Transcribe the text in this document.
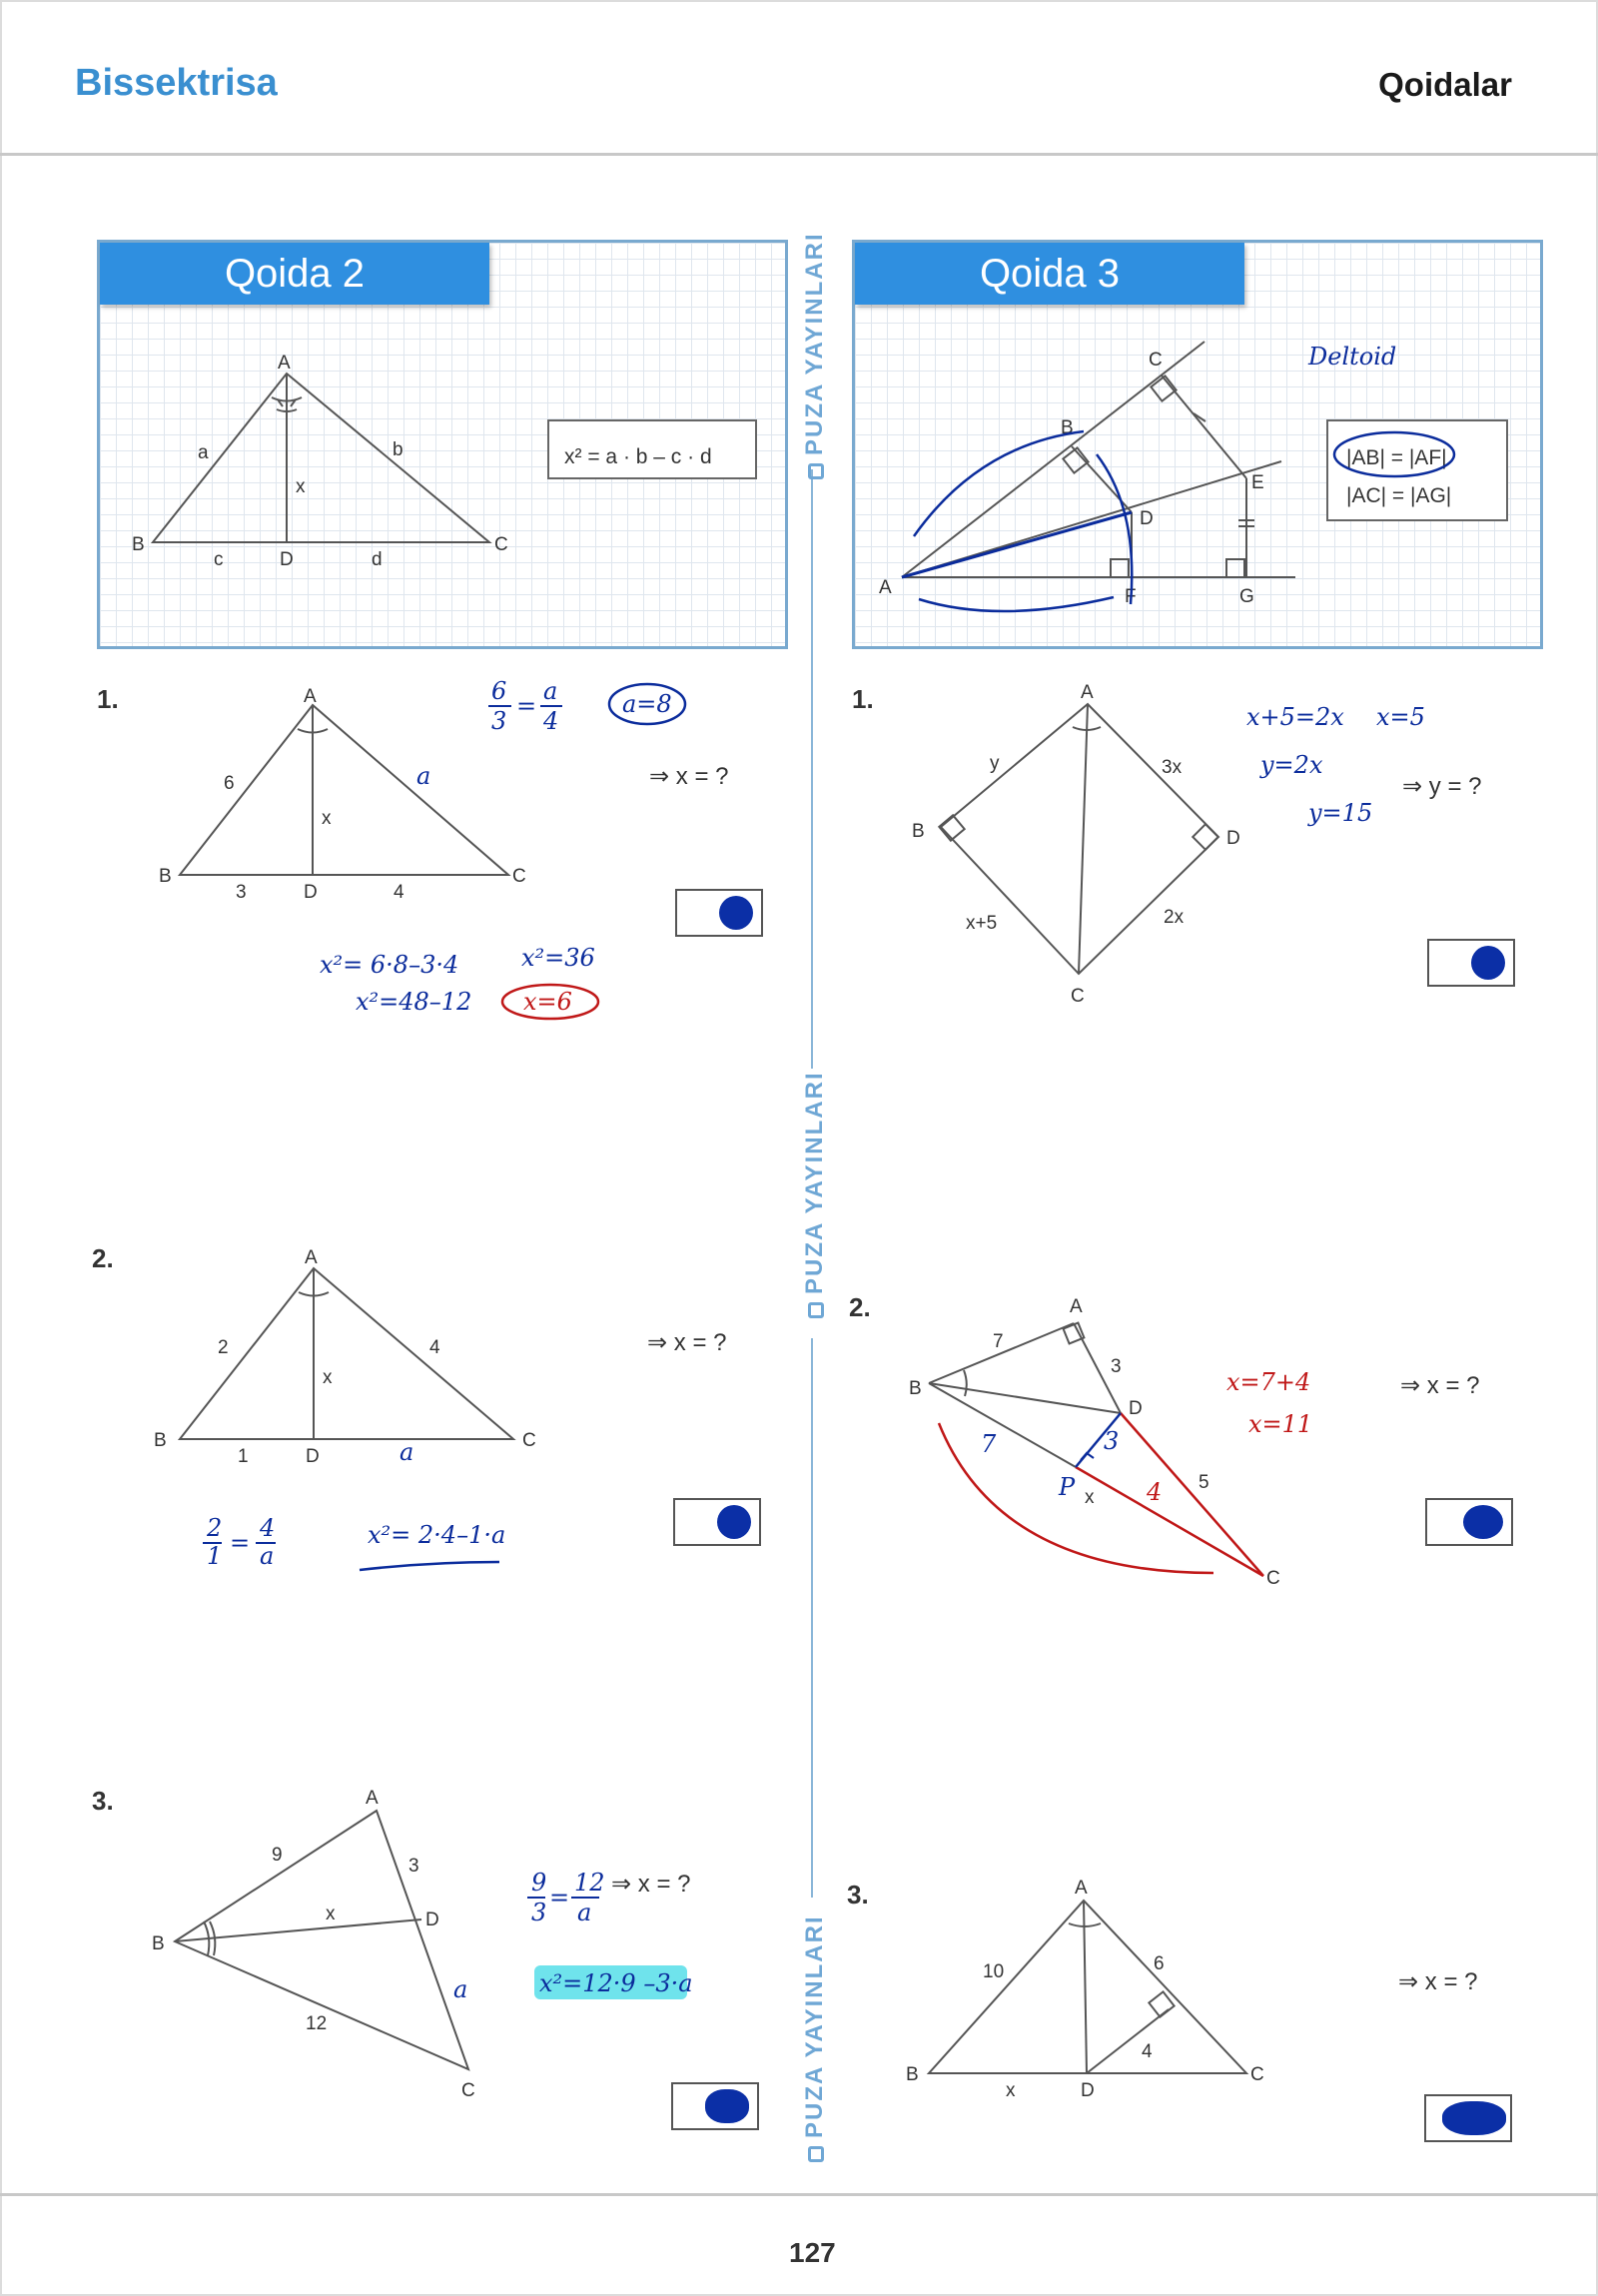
Bissektrisa	Qoidalar
Qoida 2	Qoida 3
PUZA YAYINLARI
PUZA YAYINLARI
PUZA YAYINLARI
1.
2.
3.
1.
2.
3.
⇒ x = ?
⇒ x = ?
⇒ x = ?
⇒ y = ?
⇒ x = ?
⇒ x = ?
127
A
B	C
D
a	b
c	d
x
x² = a · b – c · d
A
B
C
D
E
F	G
|AB| = |AF|
|AC| = |AG|
Deltoid
A
B	C
D
6
3	4
x
a
6
3
=
a
4
a=8
x²= 6·8–3·4
x²=48–12
x²=36
x=6
A
B	C
D
2	4
1
x
a
2
1 =
4
a
x²= 2·4–1·a
A
B
C
D
9
3
12
x
a
9
3
=
12
a
x²=12·9 –3·a
A
B
C
D
y	3x
x+5	2x
x+5=2x x=5
y=2x
y=15
A
B
C
D
7
3
5
x
7	3
P	4
x=7+4
x=11
A
B	C
D
10	6
4
x
